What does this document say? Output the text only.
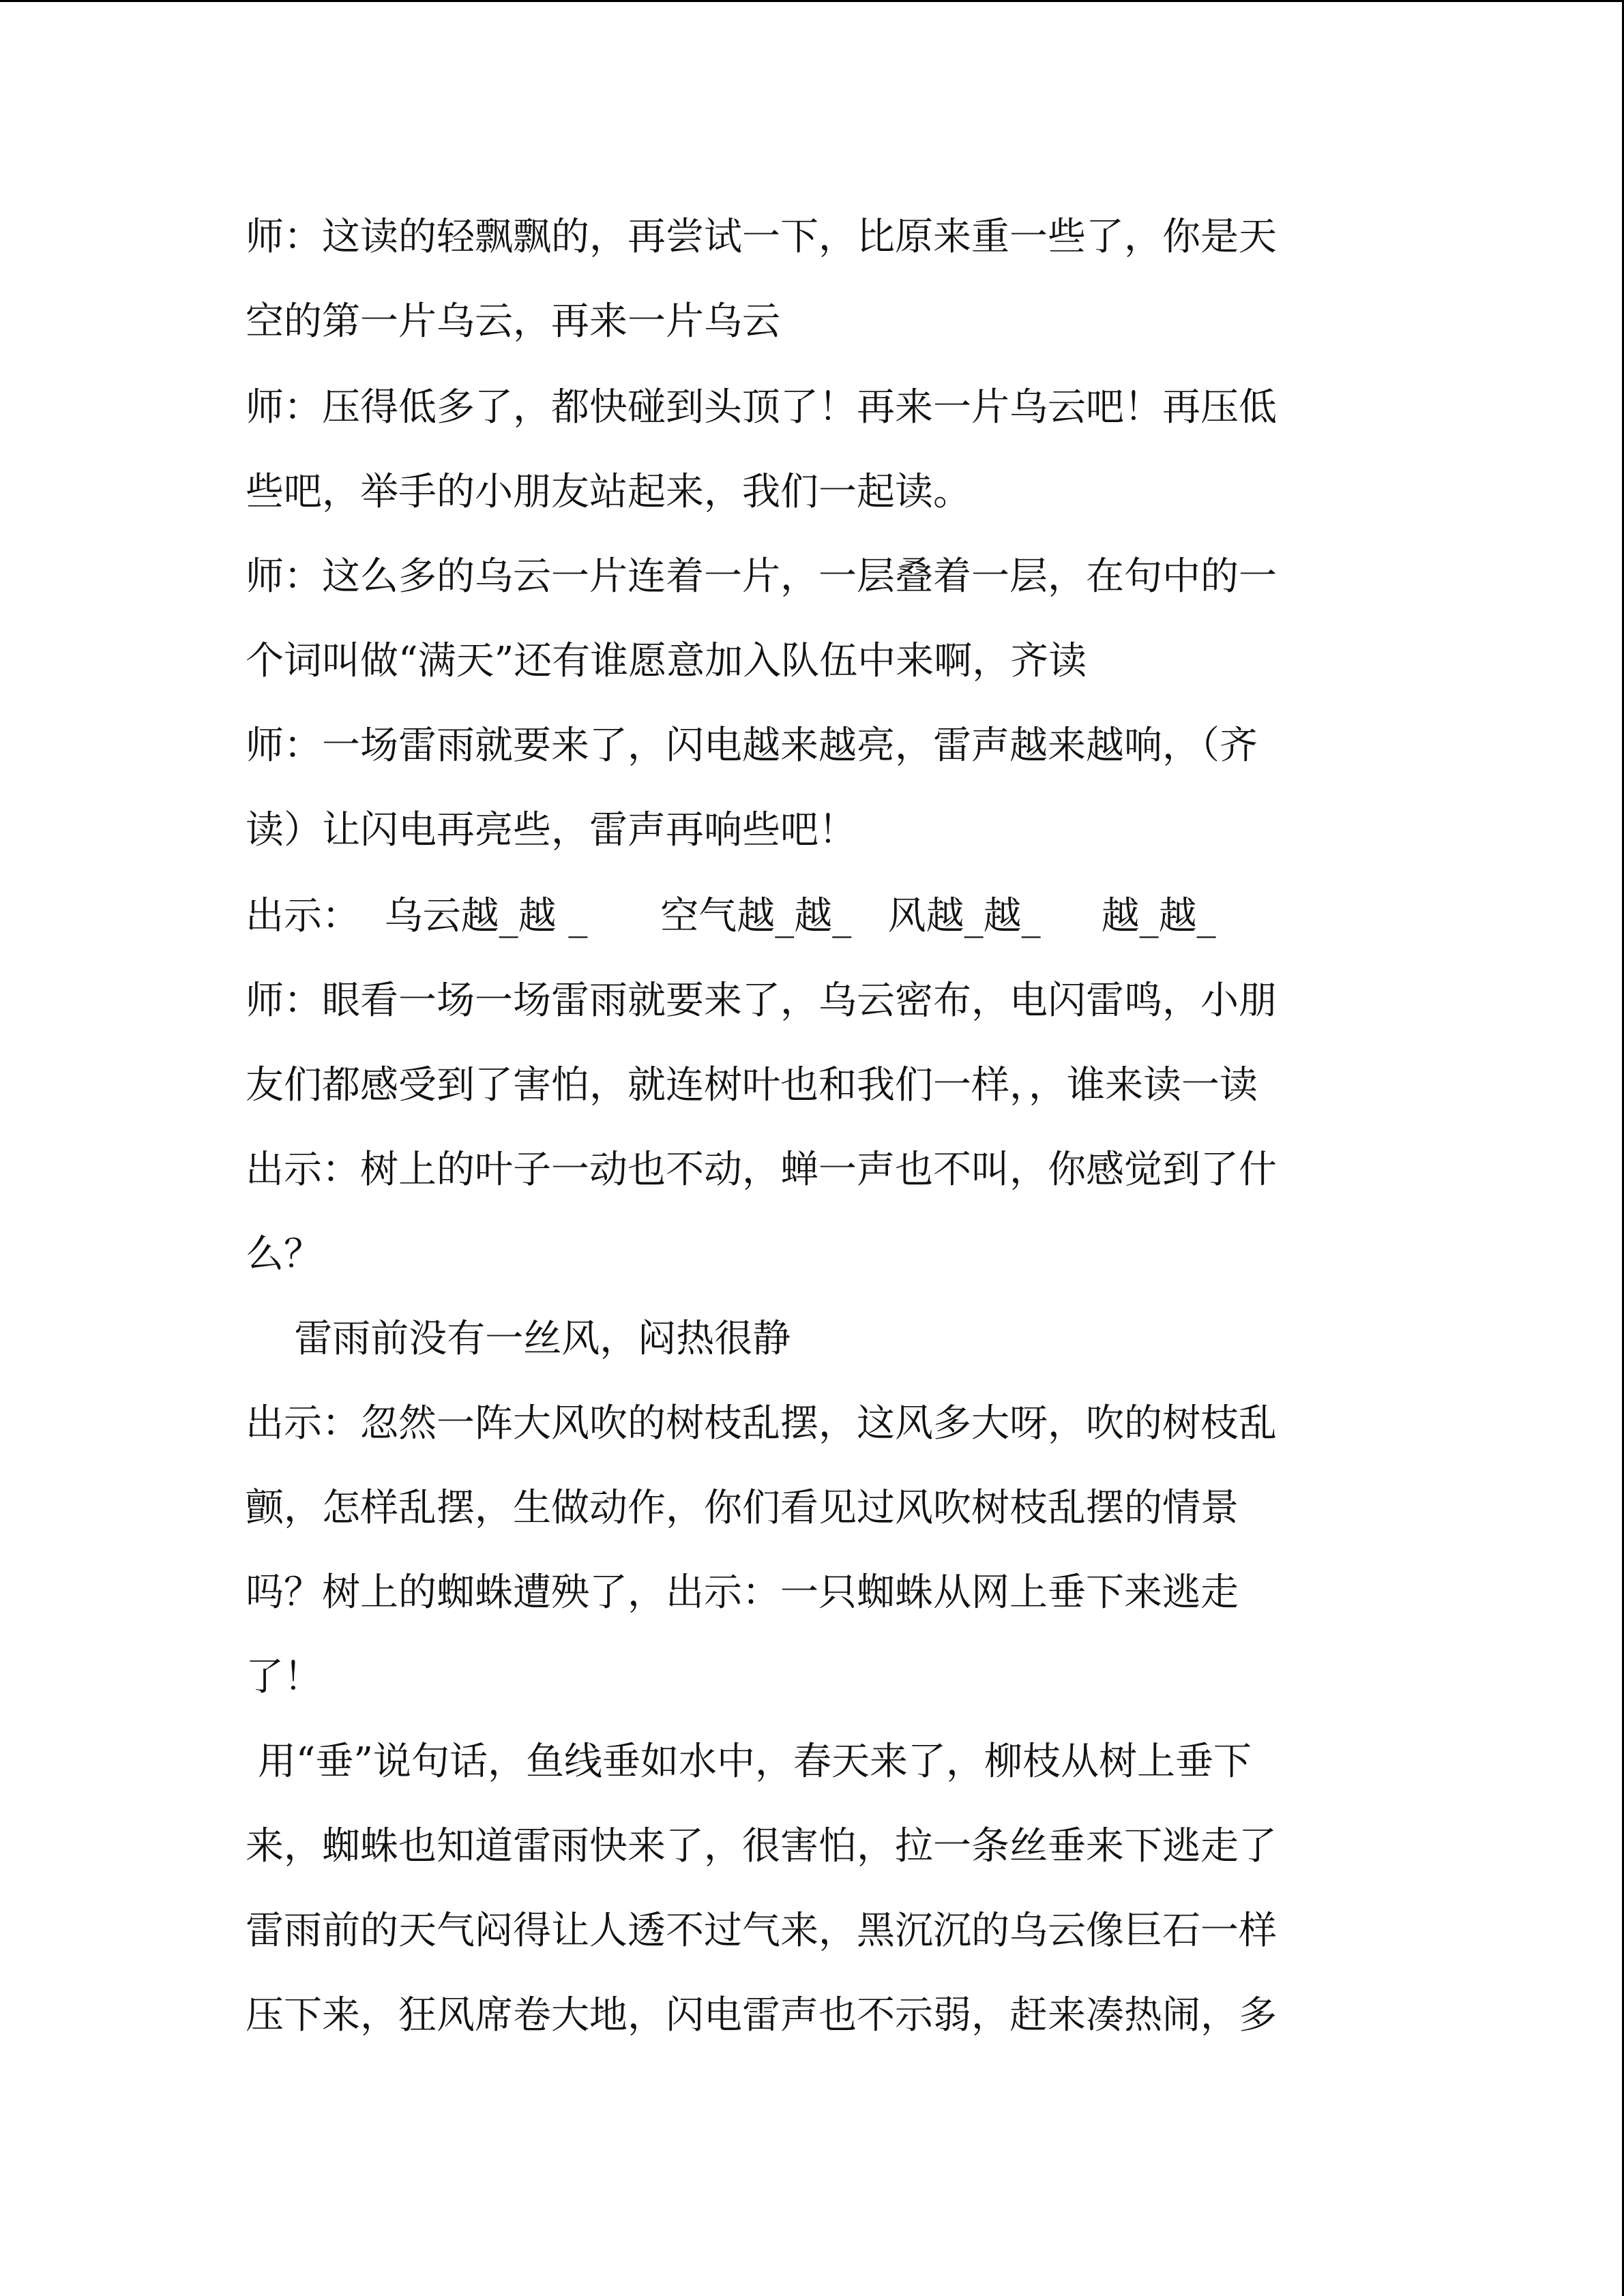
师：这读的轻飘飘的，再尝试一下，比原来重一些了，你是天
空的第一片乌云，再来一片乌云
师：压得低多了，都快碰到头顶了！再来一片乌云吧！再压低
些吧，举手的小朋友站起来，我们一起读。
师：这么多的乌云一片连着一片，一层叠着一层，在句中的一
个词叫做“满天”还有谁愿意加入队伍中来啊，齐读
师：一场雷雨就要来了，闪电越来越亮，雷声越来越响，（齐
读）让闪电再亮些，雷声再响些吧！
出示：  乌云越_越 _      空气越_越_   风越_越_     越_越_
师：眼看一场一场雷雨就要来了，乌云密布，电闪雷鸣，小朋
友们都感受到了害怕，就连树叶也和我们一样，，谁来读一读
出示：树上的叶子一动也不动，蝉一声也不叫，你感觉到了什
么？
雷雨前没有一丝风，闷热很静
出示：忽然一阵大风吹的树枝乱摆，这风多大呀，吹的树枝乱
颤，怎样乱摆，生做动作，你们看见过风吹树枝乱摆的情景
吗？树上的蜘蛛遭殃了，出示：一只蜘蛛从网上垂下来逃走
了！
用“垂”说句话，鱼线垂如水中，春天来了，柳枝从树上垂下
来，蜘蛛也知道雷雨快来了，很害怕，拉一条丝垂来下逃走了
雷雨前的天气闷得让人透不过气来，黑沉沉的乌云像巨石一样
压下来，狂风席卷大地，闪电雷声也不示弱，赶来凑热闹，多
